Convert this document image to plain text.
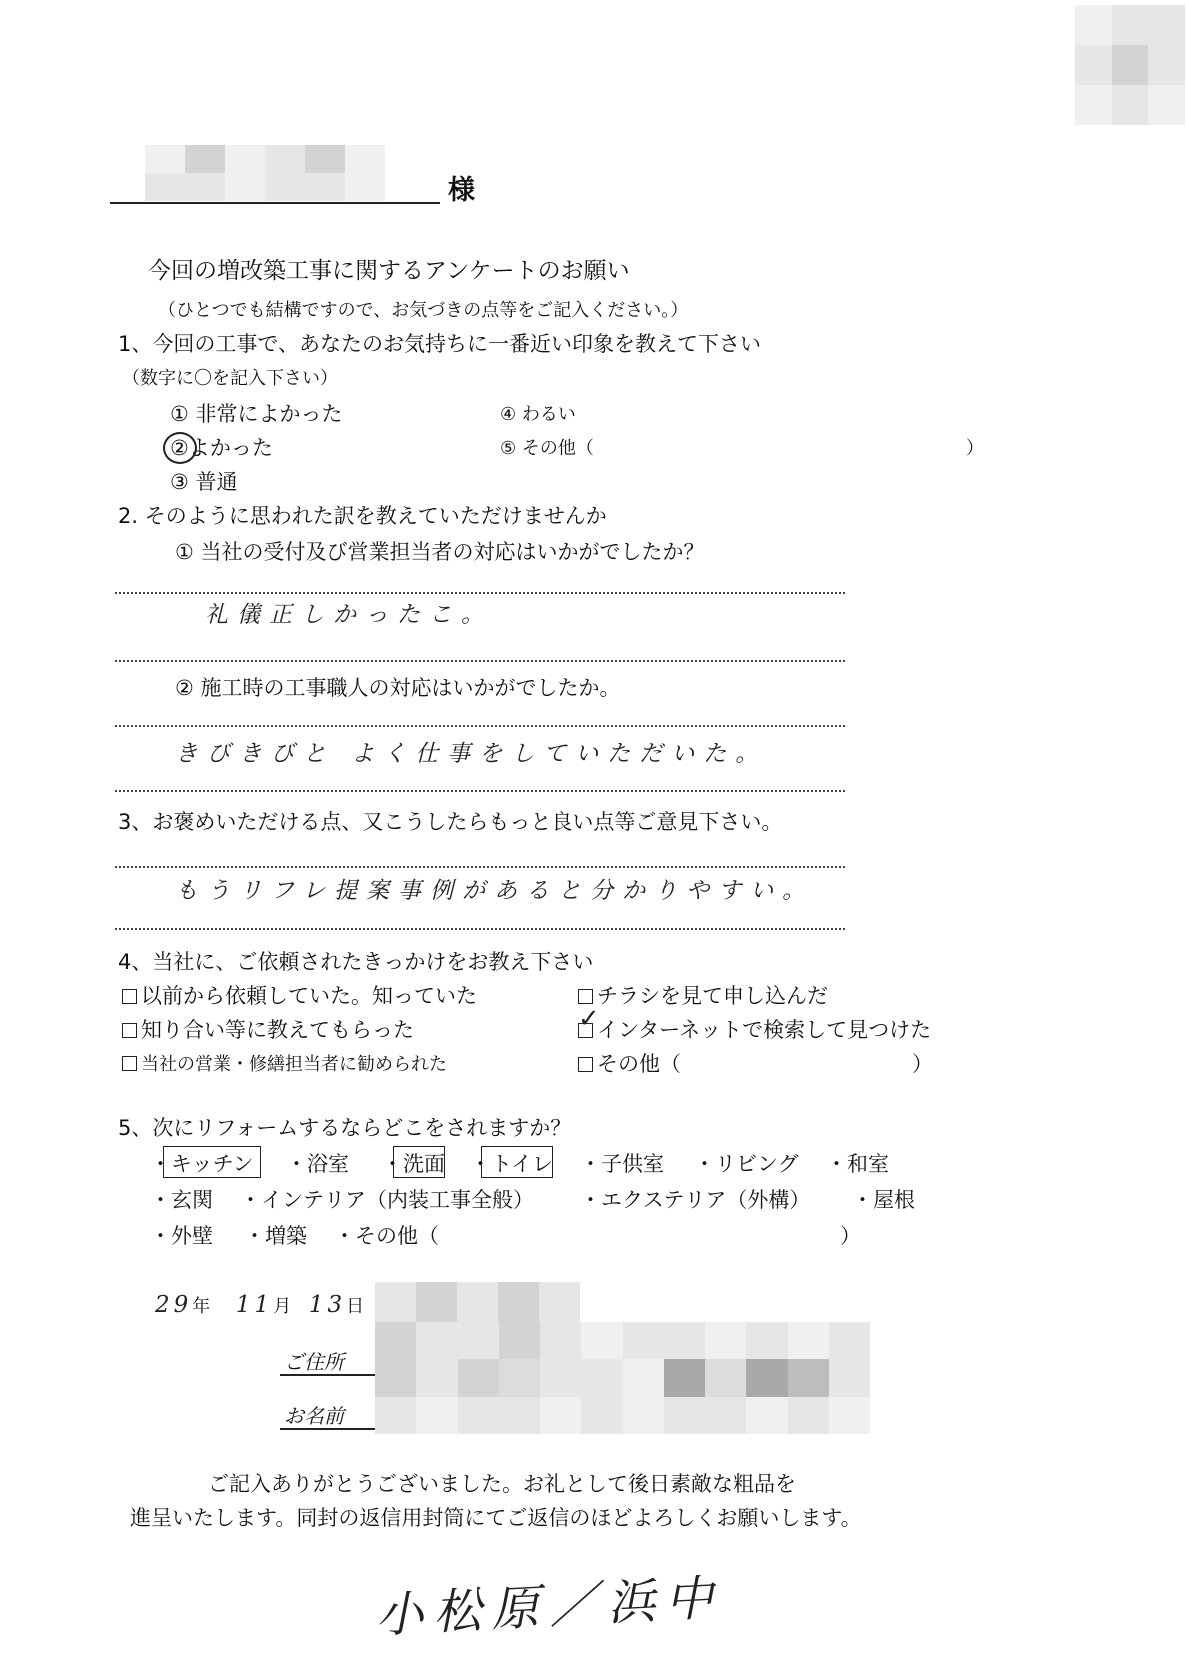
様
今回の増改築工事に関するアンケートのお願い
（ひとつでも結構ですので、お気づきの点等をご記入ください。）
1、今回の工事で、あなたのお気持ちに一番近い印象を教えて下さい
（数字に〇を記入下さい）
① 非常によかった
②よかった
③ 普通
④ わるい
⑤ その他（	）
2. そのように思われた訳を教えていただけませんか
① 当社の受付及び営業担当者の対応はいかがでしたか？
礼儀正しかったこ。
② 施工時の工事職人の対応はいかがでしたか。
きびきびと よく仕事をしていただいた。
3、お褒めいただける点、又こうしたらもっと良い点等ご意見下さい。
もうリフレ提案事例があると分かりやすい。
4、当社に、ご依頼されたきっかけをお教え下さい
以前から依頼していた。知っていた	チラシを見て申し込んだ
知り合い等に教えてもらった	インターネットで検索して見つけた
✓
当社の営業・修繕担当者に勧められた	その他（	）
5、次にリフォームするならどこをされますか？
・キッチン ・浴室 ・洗面 ・トイレ ・子供室 ・リビング ・和室
・玄関 ・インテリア（内装工事全般） ・エクステリア（外構） ・屋根
・外壁 ・増築 ・その他（	）
29年 11月 13日
ご住所
お名前
ご記入ありがとうございました。お礼として後日素敵な粗品を
進呈いたします。同封の返信用封筒にてご返信のほどよろしくお願いします。
小松原／浜中
